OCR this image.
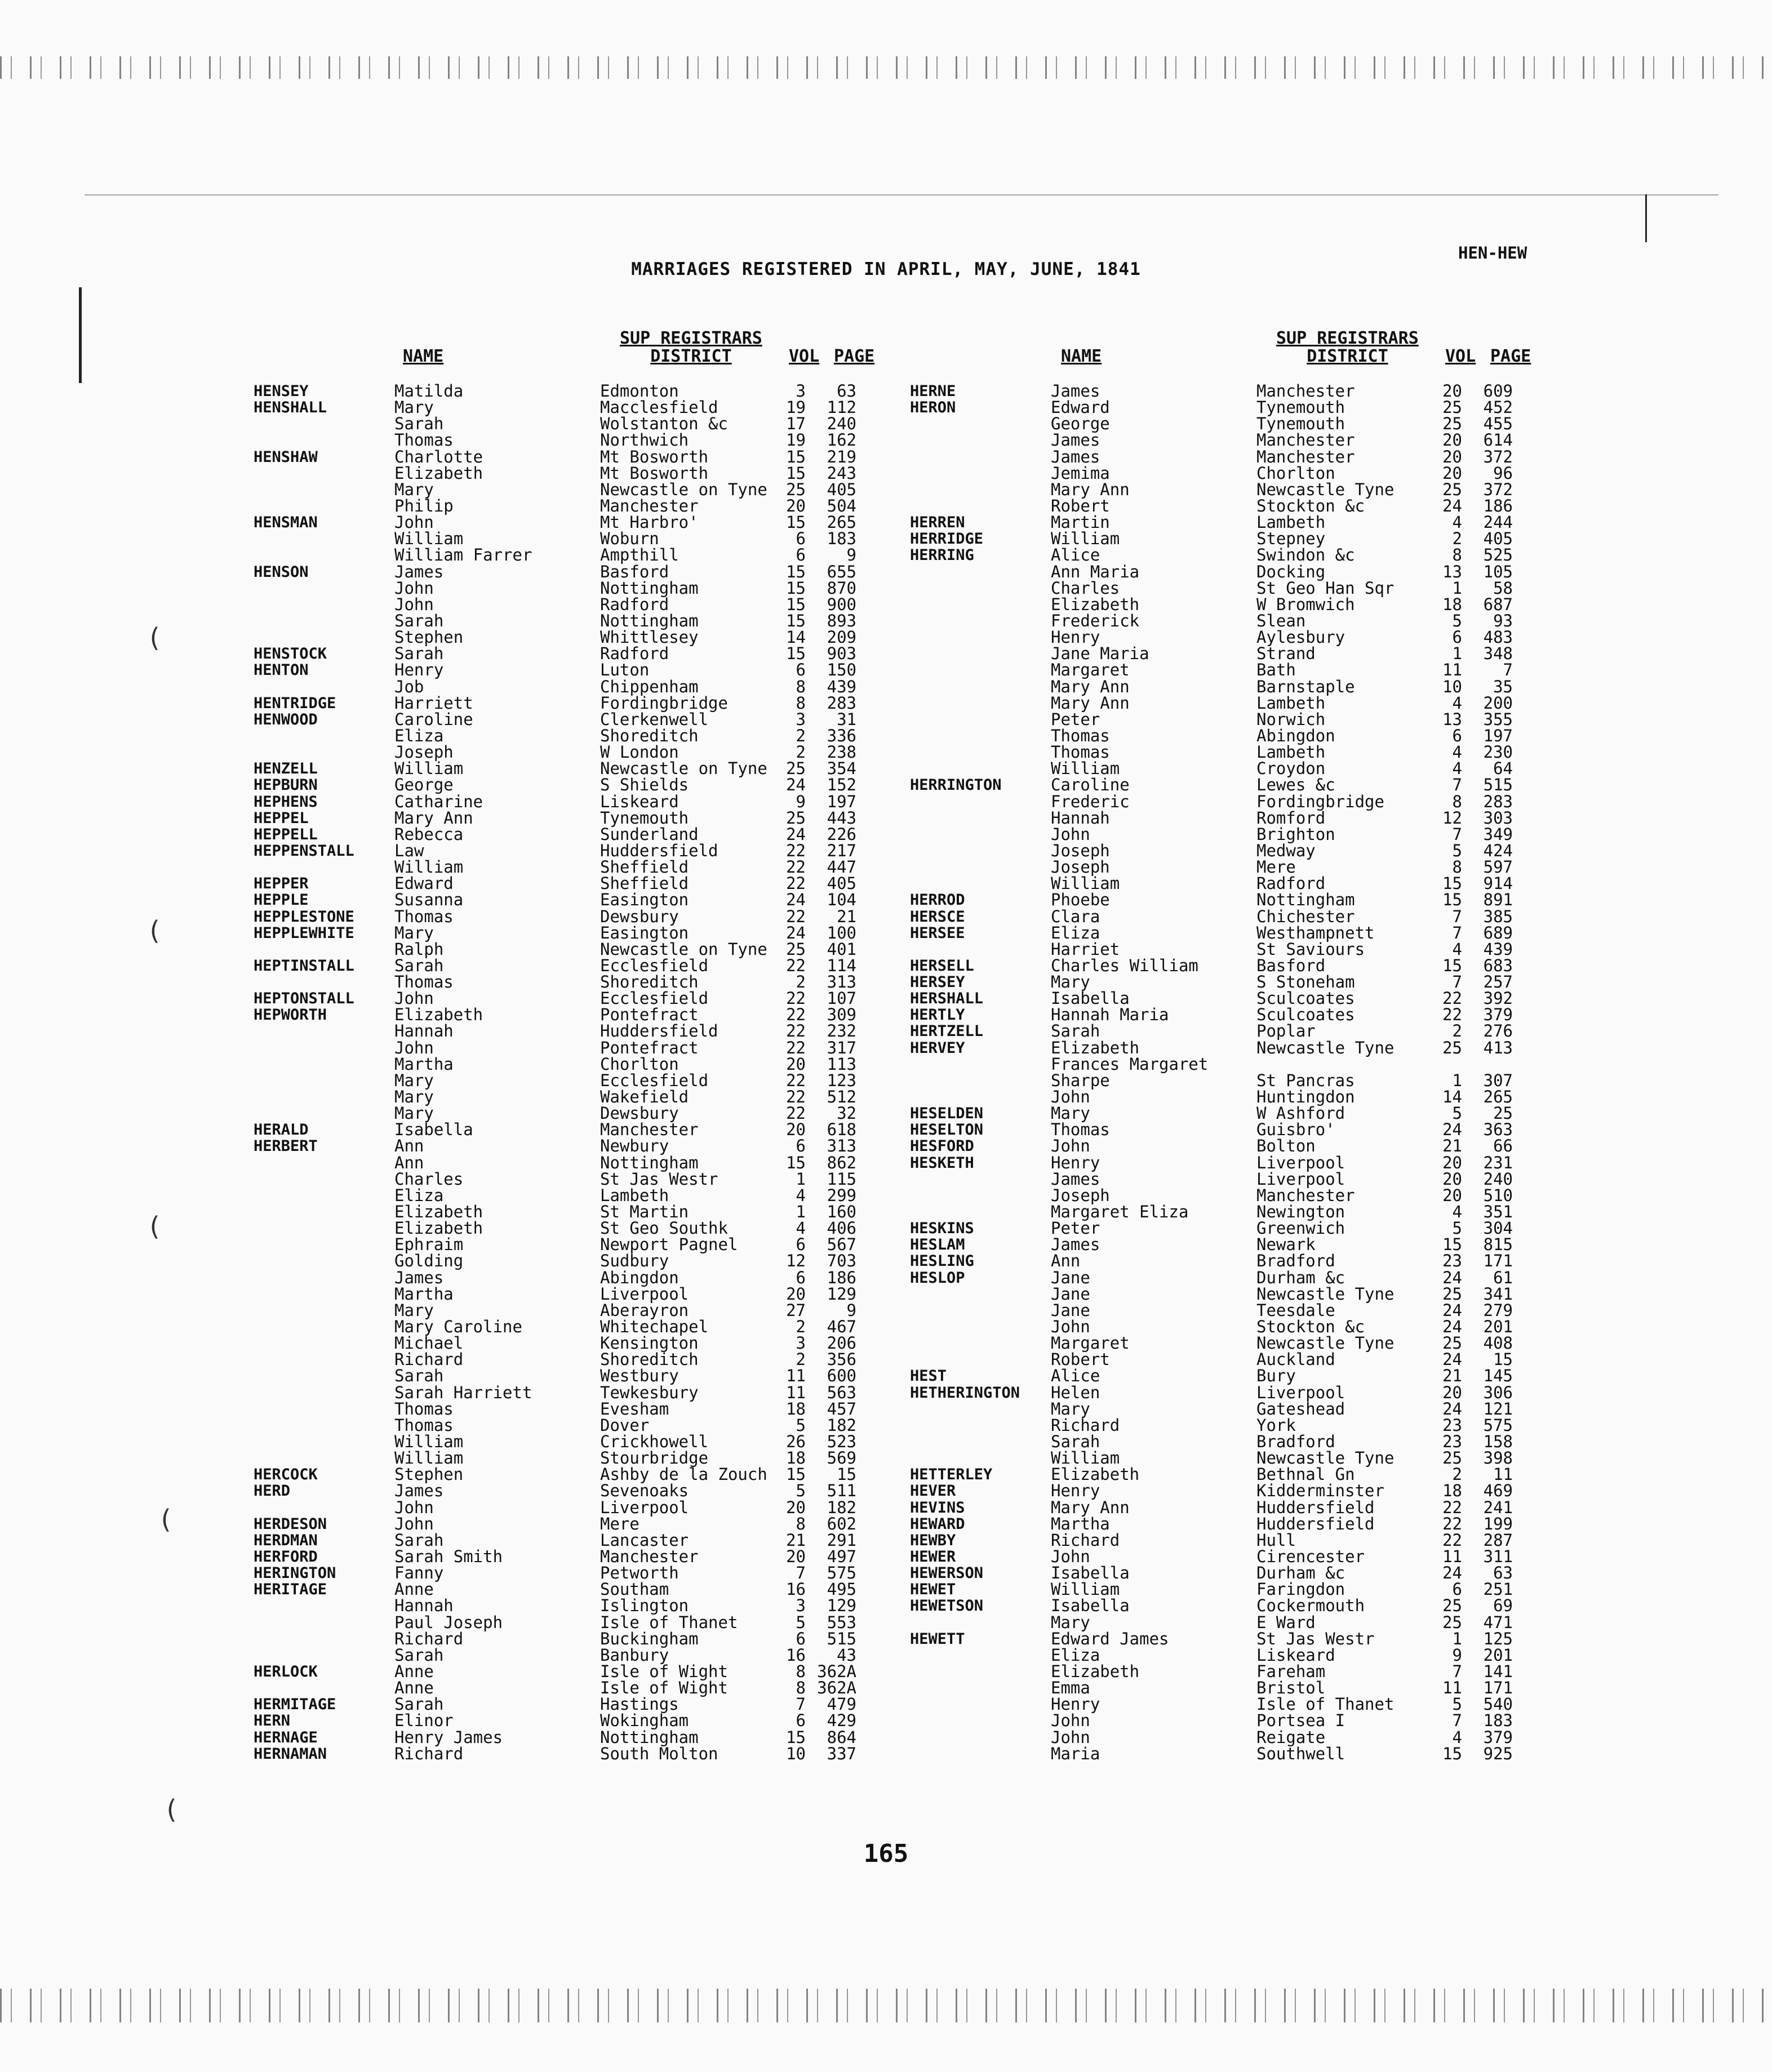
HEN-HEW
MARRIAGES REGISTERED IN APRIL, MAY, JUNE, 1841
NAME
SUP REGISTRARS
DISTRICT	VOL PAGE
HENSEY	Matilda	Edmonton	3	63
HENSHALL	Mary	Macclesfield	19	112
Sarah	Wolstanton &c	17	240
Thomas	Northwich	19	162
HENSHAW	Charlotte	Mt Bosworth	15	219
Elizabeth	Mt Bosworth	15	243
Mary	Newcastle on Tyne	25	405
Philip	Manchester	20	504
HENSMAN	John	Mt Harbro'	15	265
William	Woburn	6	183
William Farrer	Ampthill	6	9
HENSON	James	Basford	15	655
John	Nottingham	15	870
John	Radford	15	900
Sarah	Nottingham	15	893
Stephen	Whittlesey	14	209
HENSTOCK	Sarah	Radford	15	903
HENTON	Henry	Luton	6	150
Job	Chippenham	8	439
HENTRIDGE	Harriett	Fordingbridge	8	283
HENWOOD	Caroline	Clerkenwell	3	31
Eliza	Shoreditch	2	336
Joseph	W London	2	238
HENZELL	William	Newcastle on Tyne	25	354
HEPBURN	George	S Shields	24	152
HEPHENS	Catharine	Liskeard	9	197
HEPPEL	Mary Ann	Tynemouth	25	443
HEPPELL	Rebecca	Sunderland	24	226
HEPPENSTALL Law	Huddersfield	22	217
William	Sheffield	22	447
HEPPER	Edward	Sheffield	22	405
HEPPLE	Susanna	Easington	24	104
HEPPLESTONE Thomas	Dewsbury	22	21
HEPPLEWHITE Mary	Easington	24	100
Ralph	Newcastle on Tyne	25	401
HEPTINSTALL Sarah	Ecclesfield	22	114
Thomas	Shoreditch	2	313
HEPTONSTALL John	Ecclesfield	22	107
HEPWORTH	Elizabeth	Pontefract	22	309
Hannah	Huddersfield	22	232
John	Pontefract	22	317
Martha	Chorlton	20	113
Mary	Ecclesfield	22	123
Mary	Wakefield	22	512
Mary	Dewsbury	22	32
HERALD	Isabella	Manchester	20	618
HERBERT	Ann	Newbury	6	313
Ann	Nottingham	15	862
Charles	St Jas Westr	1	115
Eliza	Lambeth	4	299
Elizabeth	St Martin	1	160
Elizabeth	St Geo Southk	4	406
Ephraim	Newport Pagnel	6	567
Golding	Sudbury	12	703
James	Abingdon	6	186
Martha	Liverpool	20	129
Mary	Aberayron	27	9
Mary Caroline	Whitechapel	2	467
Michael	Kensington	3	206
Richard	Shoreditch	2	356
Sarah	Westbury	11	600
Sarah Harriett	Tewkesbury	11	563
Thomas	Evesham	18	457
Thomas	Dover	5	182
William	Crickhowell	26	523
William	Stourbridge	18	569
HERCOCK	Stephen	Ashby de la Zouch	15	15
HERD	James	Sevenoaks	5	511
John	Liverpool	20	182
HERDESON	John	Mere	8	602
HERDMAN	Sarah	Lancaster	21	291
HERFORD	Sarah Smith	Manchester	20	497
HERINGTON	Fanny	Petworth	7	575
HERITAGE	Anne	Southam	16	495
Hannah	Islington	3	129
Paul Joseph	Isle of Thanet	5	553
Richard	Buckingham	6	515
Sarah	Banbury	16	43
HERLOCK	Anne	Isle of Wight	8 362A
Anne	Isle of Wight	8 362A
HERMITAGE	Sarah	Hastings	7	479
HERN	Elinor	Wokingham	6	429
HERNAGE	Henry James	Nottingham	15	864
HERNAMAN	Richard	South Molton	10	337
NAME
SUP REGISTRARS
DISTRICT	VOL PAGE
HERNE	James	Manchester	20	609
HERON	Edward	Tynemouth	25	452
George	Tynemouth	25	455
James	Manchester	20	614
James	Manchester	20	372
Jemima	Chorlton	20	96
Mary Ann	Newcastle Tyne	25	372
Robert	Stockton &c	24	186
HERREN	Martin	Lambeth	4	244
HERRIDGE	William	Stepney	2	405
HERRING	Alice	Swindon &c	8	525
Ann Maria	Docking	13	105
Charles	St Geo Han Sqr	1	58
Elizabeth	W Bromwich	18	687
Frederick	Slean	5	93
Henry	Aylesbury	6	483
Jane Maria	Strand	1	348
Margaret	Bath	11	7
Mary Ann	Barnstaple	10	35
Mary Ann	Lambeth	4	200
Peter	Norwich	13	355
Thomas	Abingdon	6	197
Thomas	Lambeth	4	230
William	Croydon	4	64
HERRINGTON	Caroline	Lewes &c	7	515
Frederic	Fordingbridge	8	283
Hannah	Romford	12	303
John	Brighton	7	349
Joseph	Medway	5	424
Joseph	Mere	8	597
William	Radford	15	914
HERROD	Phoebe	Nottingham	15	891
HERSCE	Clara	Chichester	7	385
HERSEE	Eliza	Westhampnett	7	689
Harriet	St Saviours	4	439
HERSELL	Charles William	Basford	15	683
HERSEY	Mary	S Stoneham	7	257
HERSHALL	Isabella	Sculcoates	22	392
HERTLY	Hannah Maria	Sculcoates	22	379
HERTZELL	Sarah	Poplar	2	276
HERVEY	Elizabeth	Newcastle Tyne	25	413
Frances Margaret
Sharpe	St Pancras	1	307
John	Huntingdon	14	265
HESELDEN	Mary	W Ashford	5	25
HESELTON	Thomas	Guisbro'	24	363
HESFORD	John	Bolton	21	66
HESKETH	Henry	Liverpool	20	231
James	Liverpool	20	240
Joseph	Manchester	20	510
Margaret Eliza	Newington	4	351
HESKINS	Peter	Greenwich	5	304
HESLAM	James	Newark	15	815
HESLING	Ann	Bradford	23	171
HESLOP	Jane	Durham &c	24	61
Jane	Newcastle Tyne	25	341
Jane	Teesdale	24	279
John	Stockton &c	24	201
Margaret	Newcastle Tyne	25	408
Robert	Auckland	24	15
HEST	Alice	Bury	21	145
HETHERINGTON Helen	Liverpool	20	306
Mary	Gateshead	24	121
Richard	York	23	575
Sarah	Bradford	23	158
William	Newcastle Tyne	25	398
HETTERLEY	Elizabeth	Bethnal Gn	2	11
HEVER	Henry	Kidderminster	18	469
HEVINS	Mary Ann	Huddersfield	22	241
HEWARD	Martha	Huddersfield	22	199
HEWBY	Richard	Hull	22	287
HEWER	John	Cirencester	11	311
HEWERSON	Isabella	Durham &c	24	63
HEWET	William	Faringdon	6	251
HEWETSON	Isabella	Cockermouth	25	69
Mary	E Ward	25	471
HEWETT	Edward James	St Jas Westr	1	125
Eliza	Liskeard	9	201
Elizabeth	Fareham	7	141
Emma	Bristol	11	171
Henry	Isle of Thanet	5	540
John	Portsea I	7	183
John	Reigate	4	379
Maria	Southwell	15	925
165
(
(
(
(
(
